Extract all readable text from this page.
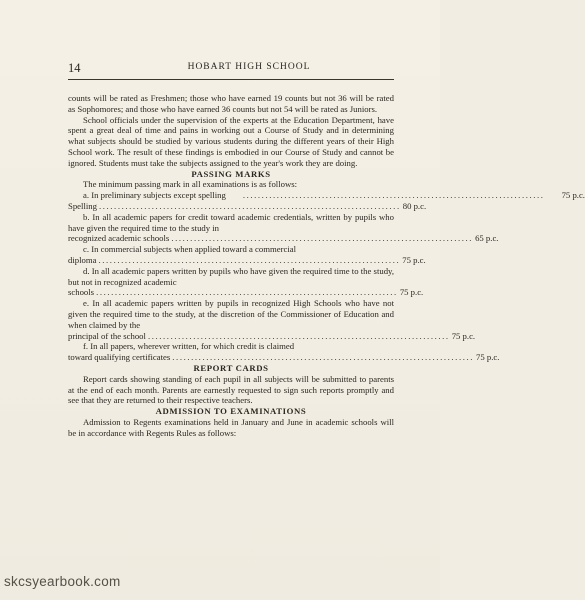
14	HOBART HIGH SCHOOL

counts will be rated as Freshmen; those who have earned 19 counts but not 36 will be rated as Sophomores; and those who have earned 36 counts but not 54 will be rated as Juniors.

School officials under the supervision of the experts at the Education Department, have spent a great deal of time and pains in working out a Course of Study and in determining what subjects should be studied by various students during the different years of their High School work. The result of these findings is embodied in our Course of Study and cannot be ignored. Students must take the subjects assigned to the year's work they are doing.

PASSING MARKS

The minimum passing mark in all examinations is as follows:

a. In preliminary subjects except spelling	................................................................................	75 p.c.
Spelling ................................................................................ 80 p.c.

b. In all academic papers for credit toward academic credentials, written by pupils who have given the required time to the study in

recognized academic schools ................................................................................ 65 p.c.

c. In commercial subjects when applied toward a commercial

diploma ................................................................................ 75 p.c.

d. In all academic papers written by pupils who have given the required time to the study, but not in recognized academic

schools ................................................................................ 75 p.c.

e. In all academic papers written by pupils in recognized High Schools who have not given the required time to the study, at the discretion of the Commissioner of Education and when claimed by the

principal of the school ................................................................................ 75 p.c.

f. In all papers, wherever written, for which credit is claimed

toward qualifying certificates ................................................................................ 75 p.c.

REPORT CARDS

Report cards showing standing of each pupil in all subjects will be submitted to parents at the end of each month. Parents are earnestly requested to sign such reports promptly and see that they are returned to their respective teachers.

ADMISSION TO EXAMINATIONS

Admission to Regents examinations held in January and June in academic schools will be in accordance with Regents Rules as follows:

skcsyearbook.com
